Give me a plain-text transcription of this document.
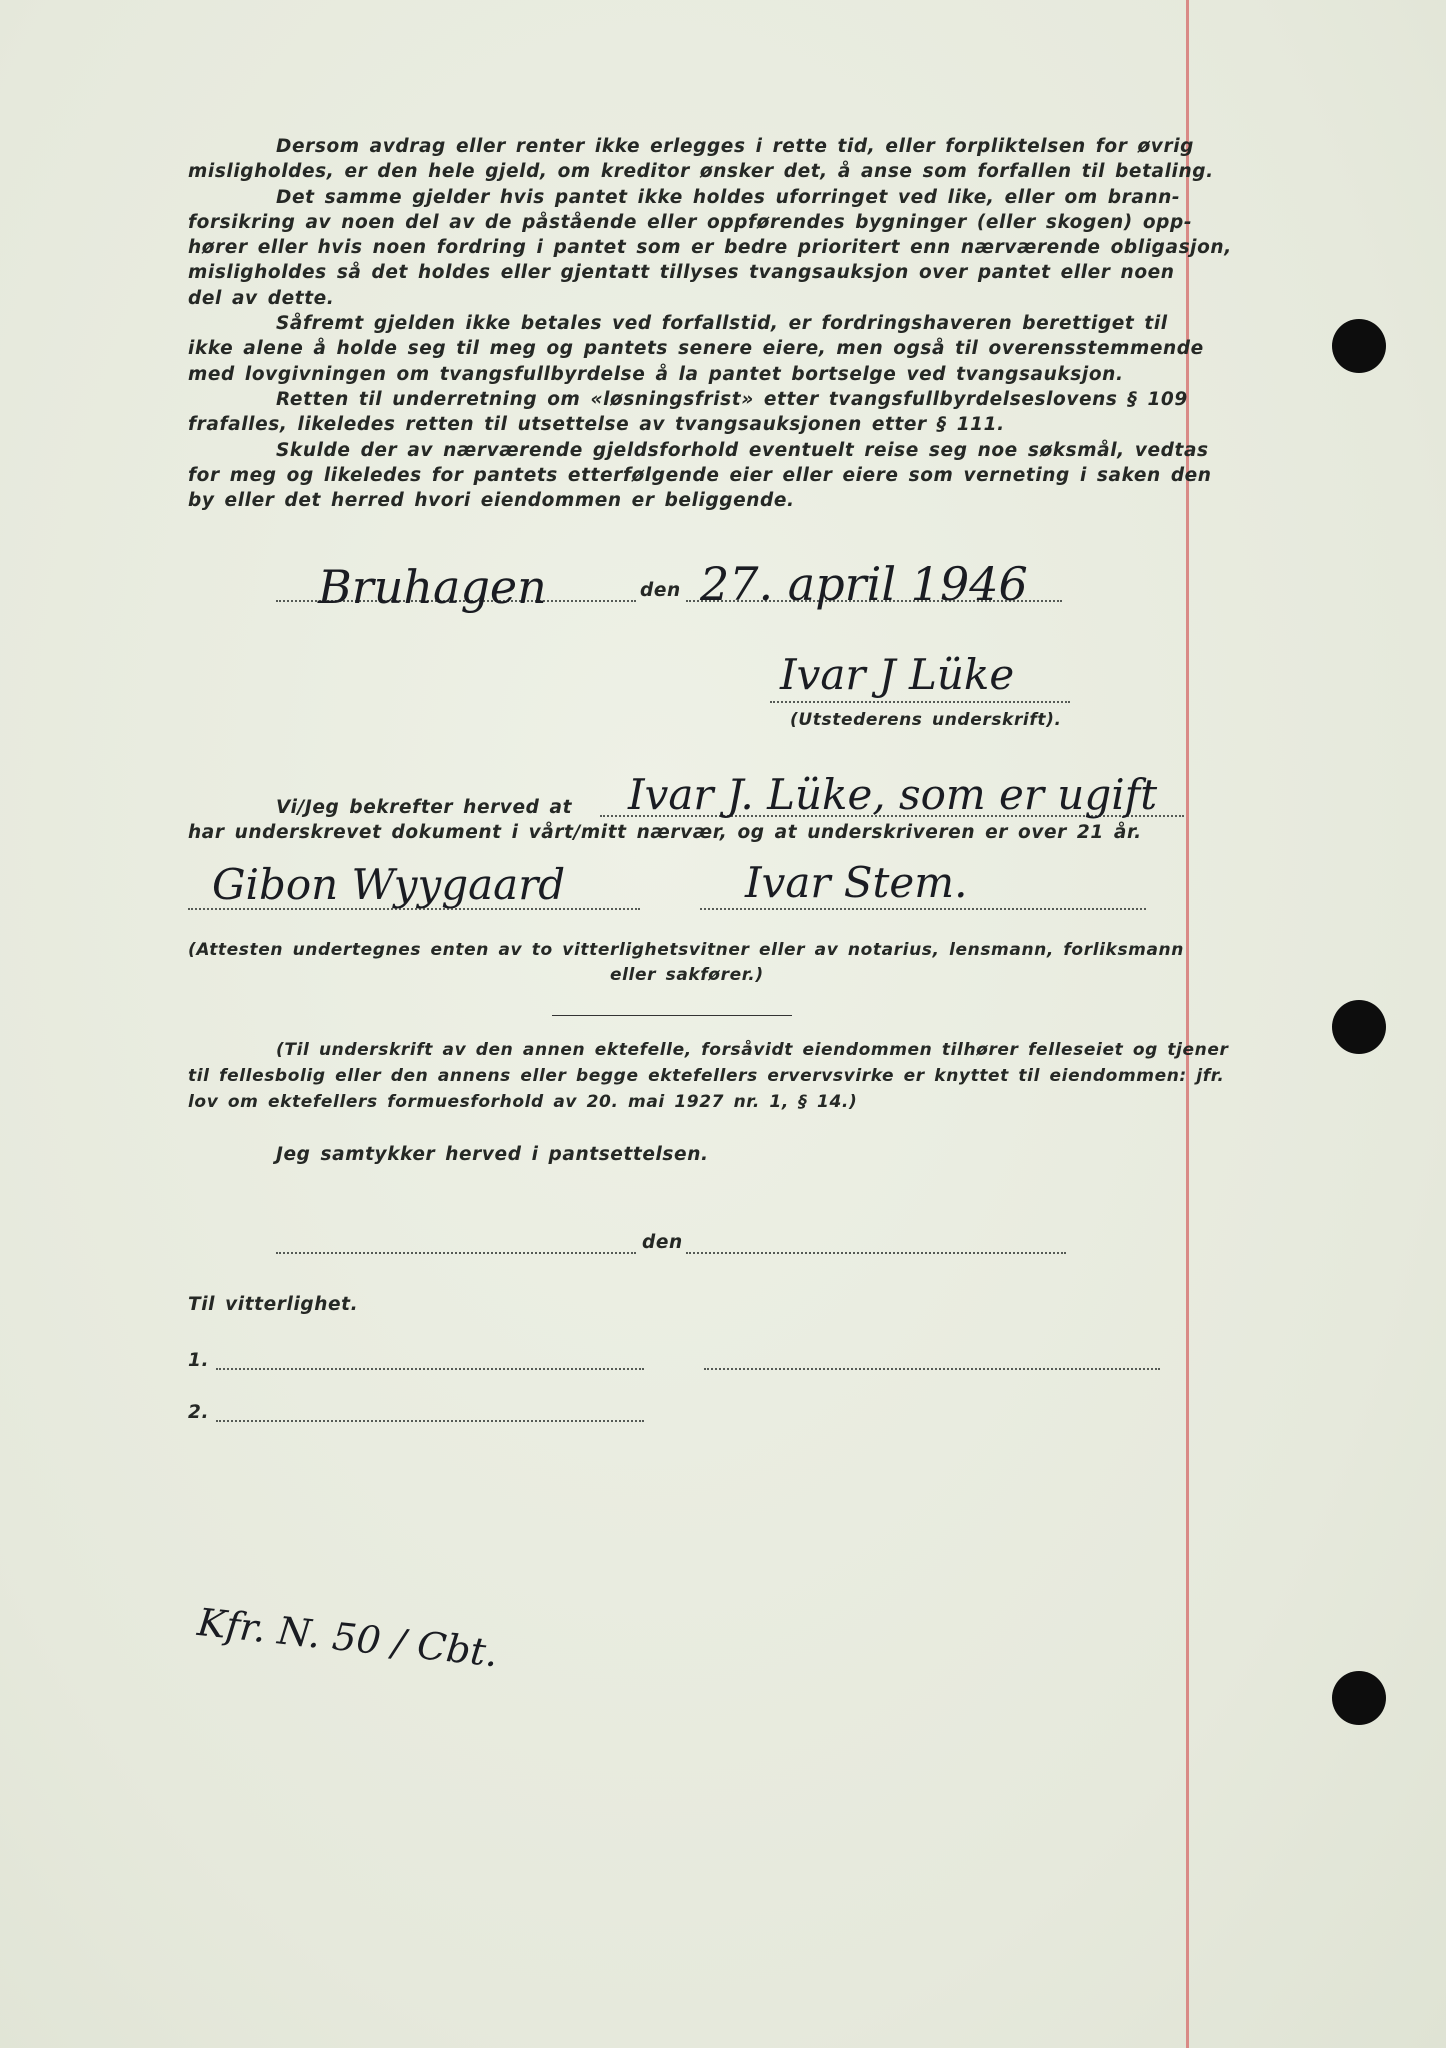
Dersom avdrag eller renter ikke erlegges i rette tid, eller forpliktelsen for øvrig
misligholdes, er den hele gjeld, om kreditor ønsker det, å anse som forfallen til betaling.
Det samme gjelder hvis pantet ikke holdes uforringet ved like, eller om brann-
forsikring av noen del av de påstående eller oppførendes bygninger (eller skogen) opp-
hører eller hvis noen fordring i pantet som er bedre prioritert enn nærværende obligasjon,
misligholdes så det holdes eller gjentatt tillyses tvangsauksjon over pantet eller noen
del av dette.
Såfremt gjelden ikke betales ved forfallstid, er fordringshaveren berettiget til
ikke alene å holde seg til meg og pantets senere eiere, men også til overensstemmende
med lovgivningen om tvangsfullbyrdelse å la pantet bortselge ved tvangsauksjon.
Retten til underretning om «løsningsfrist» etter tvangsfullbyrdelseslovens § 109
frafalles, likeledes retten til utsettelse av tvangsauksjonen etter § 111.
Skulde der av nærværende gjeldsforhold eventuelt reise seg noe søksmål, vedtas
for meg og likeledes for pantets etterfølgende eier eller eiere som verneting i saken den
by eller det herred hvori eiendommen er beliggende.
Bruhagen	den 27. april 1946
Ivar J Lüke
(Utstederens underskrift).
Vi/Jeg bekrefter herved at Ivar J. Lüke, som er ugift
har underskrevet dokument i vårt/mitt nærvær, og at underskriveren er over 21 år.
Gibon Wyygaard	Ivar Stem.
(Attesten undertegnes enten av to vitterlighetsvitner eller av notarius, lensmann, forliksmann
eller sakfører.)
(Til underskrift av den annen ektefelle, forsåvidt eiendommen tilhører felleseiet og tjener
til fellesbolig eller den annens eller begge ektefellers ervervsvirke er knyttet til eiendommen: jfr.
lov om ektefellers formuesforhold av 20. mai 1927 nr. 1, § 14.)
Jeg samtykker herved i pantsettelsen.
den
Til vitterlighet.
1.
2.
Kfr. N. 50 / Cbt.
